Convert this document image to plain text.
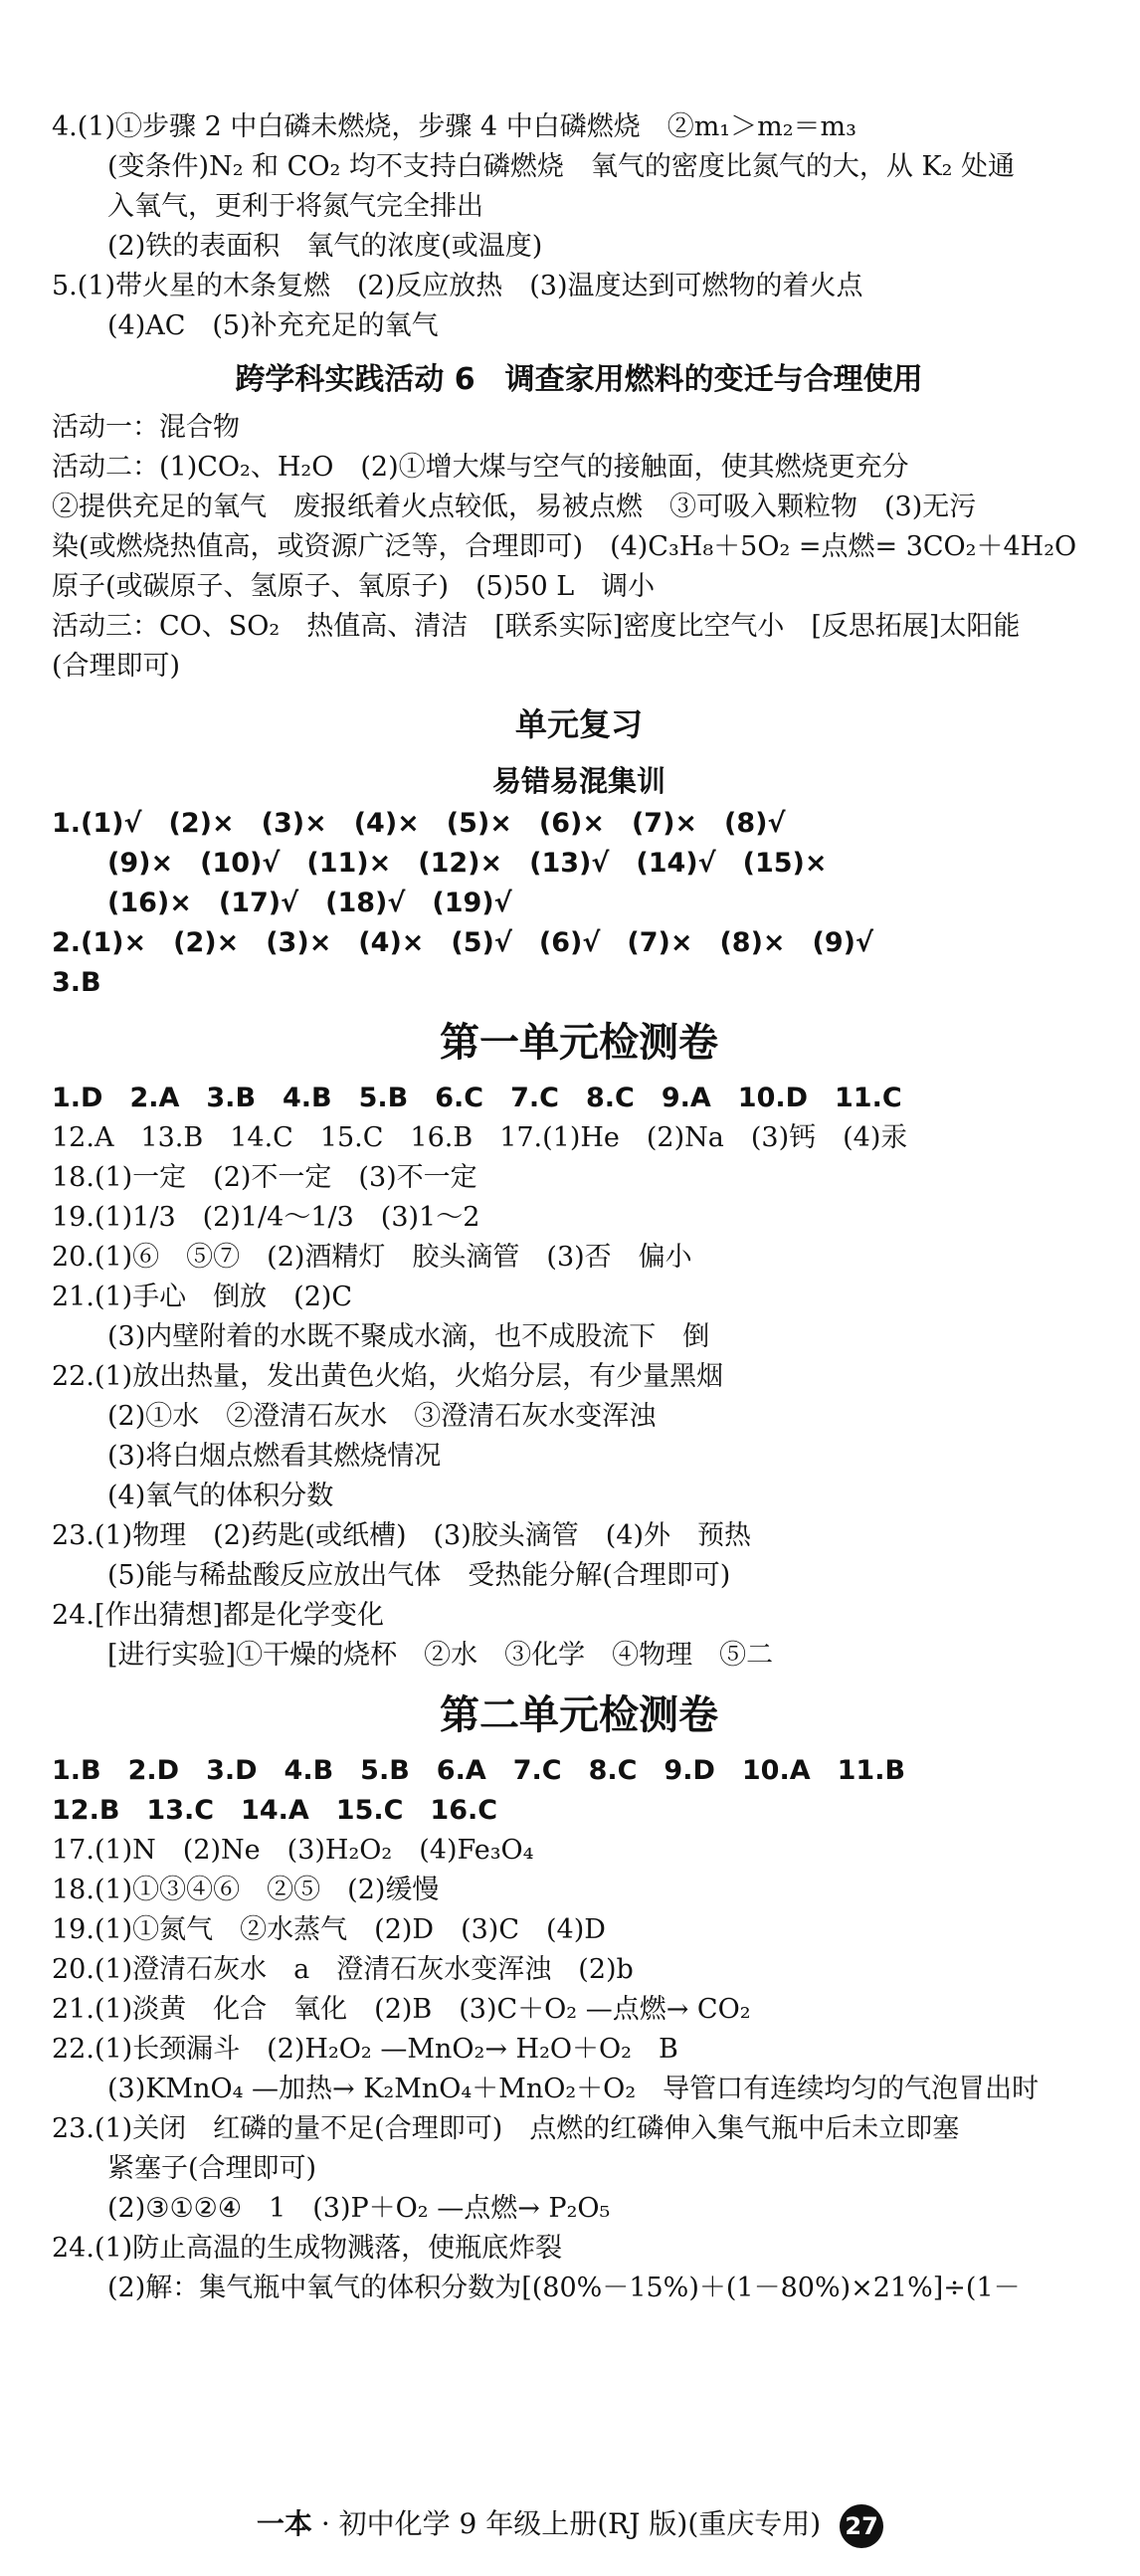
4.(1)①步骤 2 中白磷未燃烧，步骤 4 中白磷燃烧　②m₁＞m₂＝m₃
(变条件)N₂ 和 CO₂ 均不支持白磷燃烧　氧气的密度比氮气的大，从 K₂ 处通
入氧气，更利于将氮气完全排出
(2)铁的表面积　氧气的浓度(或温度)
5.(1)带火星的木条复燃　(2)反应放热　(3)温度达到可燃物的着火点
(4)AC　(5)补充充足的氧气
跨学科实践活动 6　调查家用燃料的变迁与合理使用
活动一：混合物
活动二：(1)CO₂、H₂O　(2)①增大煤与空气的接触面，使其燃烧更充分
②提供充足的氧气　废报纸着火点较低，易被点燃　③可吸入颗粒物　(3)无污
染(或燃烧热值高，或资源广泛等，合理即可)　(4)C₃H₈＋5O₂ =点燃= 3CO₂＋4H₂O
原子(或碳原子、氢原子、氧原子)　(5)50 L　调小
活动三：CO、SO₂　热值高、清洁　[联系实际]密度比空气小　[反思拓展]太阳能
(合理即可)
单元复习
易错易混集训
1.(1)√　(2)×　(3)×　(4)×　(5)×　(6)×　(7)×　(8)√
(9)×　(10)√　(11)×　(12)×　(13)√　(14)√　(15)×
(16)×　(17)√　(18)√　(19)√
2.(1)×　(2)×　(3)×　(4)×　(5)√　(6)√　(7)×　(8)×　(9)√
3.B
第一单元检测卷
1.D　2.A　3.B　4.B　5.B　6.C　7.C　8.C　9.A　10.D　11.C
12.A　13.B　14.C　15.C　16.B　17.(1)He　(2)Na　(3)钙　(4)汞
18.(1)一定　(2)不一定　(3)不一定
19.(1)1/3　(2)1/4～1/3　(3)1～2
20.(1)⑥　⑤⑦　(2)酒精灯　胶头滴管　(3)否　偏小
21.(1)手心　倒放　(2)C
(3)内壁附着的水既不聚成水滴，也不成股流下　倒
22.(1)放出热量，发出黄色火焰，火焰分层，有少量黑烟
(2)①水　②澄清石灰水　③澄清石灰水变浑浊
(3)将白烟点燃看其燃烧情况
(4)氧气的体积分数
23.(1)物理　(2)药匙(或纸槽)　(3)胶头滴管　(4)外　预热
(5)能与稀盐酸反应放出气体　受热能分解(合理即可)
24.[作出猜想]都是化学变化
[进行实验]①干燥的烧杯　②水　③化学　④物理　⑤二
第二单元检测卷
1.B　2.D　3.D　4.B　5.B　6.A　7.C　8.C　9.D　10.A　11.B
12.B　13.C　14.A　15.C　16.C
17.(1)N　(2)Ne　(3)H₂O₂　(4)Fe₃O₄
18.(1)①③④⑥　②⑤　(2)缓慢
19.(1)①氮气　②水蒸气　(2)D　(3)C　(4)D
20.(1)澄清石灰水　a　澄清石灰水变浑浊　(2)b
21.(1)淡黄　化合　氧化　(2)B　(3)C＋O₂ —点燃→ CO₂
22.(1)长颈漏斗　(2)H₂O₂ —MnO₂→ H₂O＋O₂　B
(3)KMnO₄ —加热→ K₂MnO₄＋MnO₂＋O₂　导管口有连续均匀的气泡冒出时
23.(1)关闭　红磷的量不足(合理即可)　点燃的红磷伸入集气瓶中后未立即塞
紧塞子(合理即可)
(2)③①②④　1　(3)P＋O₂ —点燃→ P₂O₅
24.(1)防止高温的生成物溅落，使瓶底炸裂
(2)解：集气瓶中氧气的体积分数为[(80%－15%)＋(1－80%)×21%]÷(1－
一本 · 初中化学 9 年级上册(RJ 版)(重庆专用) 27
